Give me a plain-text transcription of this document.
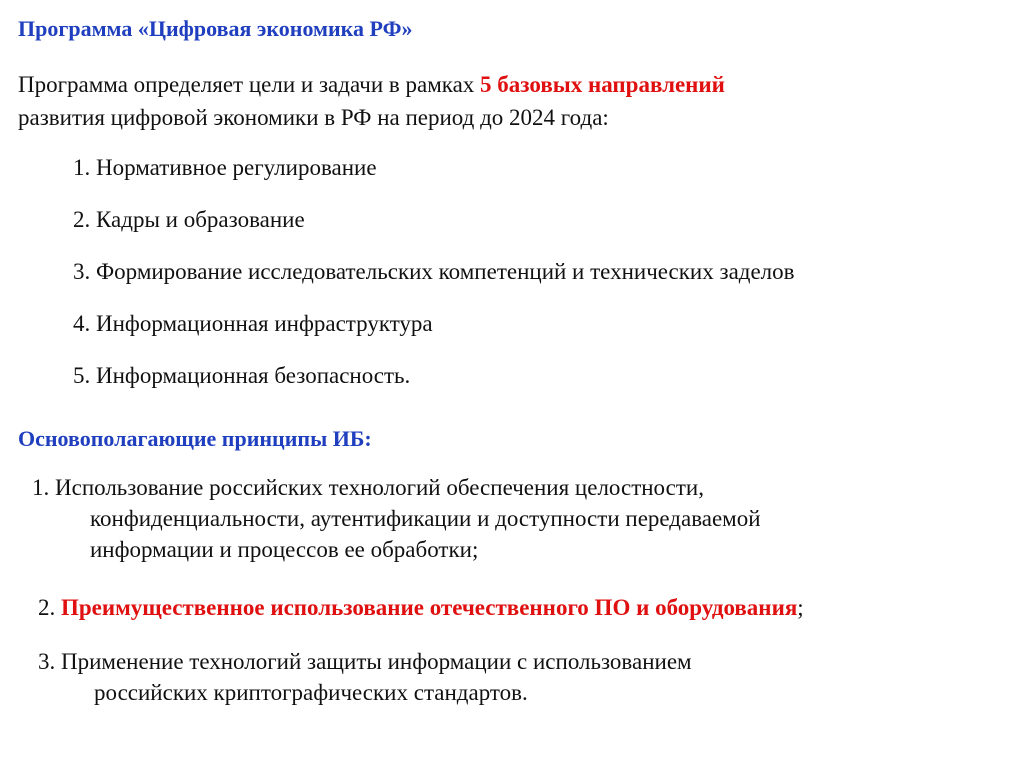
Программа «Цифровая экономика РФ»
Программа определяет цели и задачи в рамках 5 базовых направлений
развития цифровой экономики в РФ на период до 2024 года:
1. Нормативное регулирование
2. Кадры и образование
3. Формирование исследовательских компетенций и технических заделов
4. Информационная инфраструктура
5. Информационная безопасность.
Основополагающие принципы ИБ:
1. Использование российских технологий обеспечения целостности,
конфиденциальности, аутентификации и доступности передаваемой
информации и процессов ее обработки;
2. Преимущественное использование отечественного ПО и оборудования;
3. Применение технологий защиты информации с использованием
российских криптографических стандартов.
